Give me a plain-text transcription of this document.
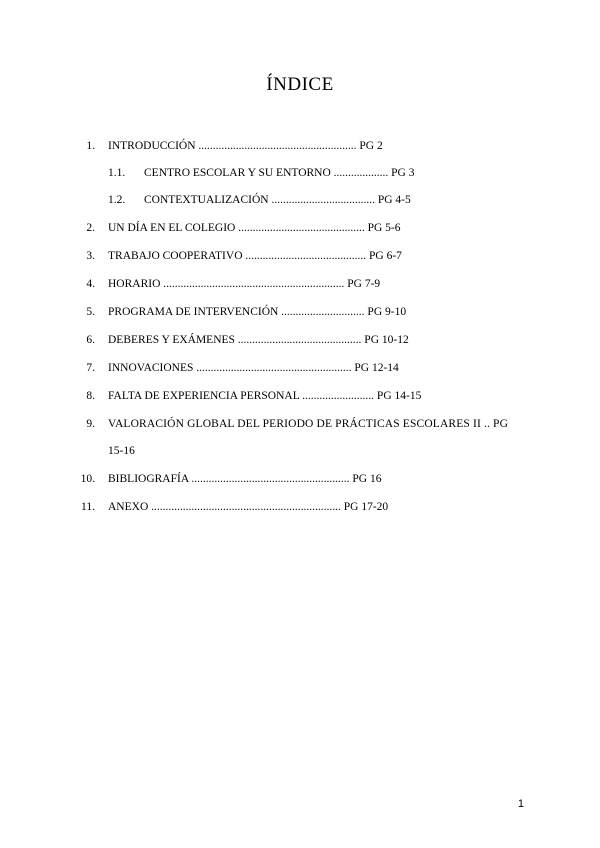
ÍNDICE
1. INTRODUCCIÓN ....................................................... PG 2
1.1.	CENTRO ESCOLAR Y SU ENTORNO ................... PG 3
1.2.	CONTEXTUALIZACIÓN .................................... PG 4-5
2. UN DÍA EN EL COLEGIO ............................................ PG 5-6
3. TRABAJO COOPERATIVO .......................................... PG 6-7
4. HORARIO ............................................................... PG 7-9
5. PROGRAMA DE INTERVENCIÓN ............................. PG 9-10
6. DEBERES Y EXÁMENES ........................................... PG 10-12
7. INNOVACIONES ...................................................... PG 12-14
8. FALTA DE EXPERIENCIA PERSONAL ......................... PG 14-15
9. VALORACIÓN GLOBAL DEL PERIODO DE PRÁCTICAS ESCOLARES II .. PG
15-16
10. BIBLIOGRAFÍA ....................................................... PG 16
11. ANEXO .................................................................. PG 17-20
1
